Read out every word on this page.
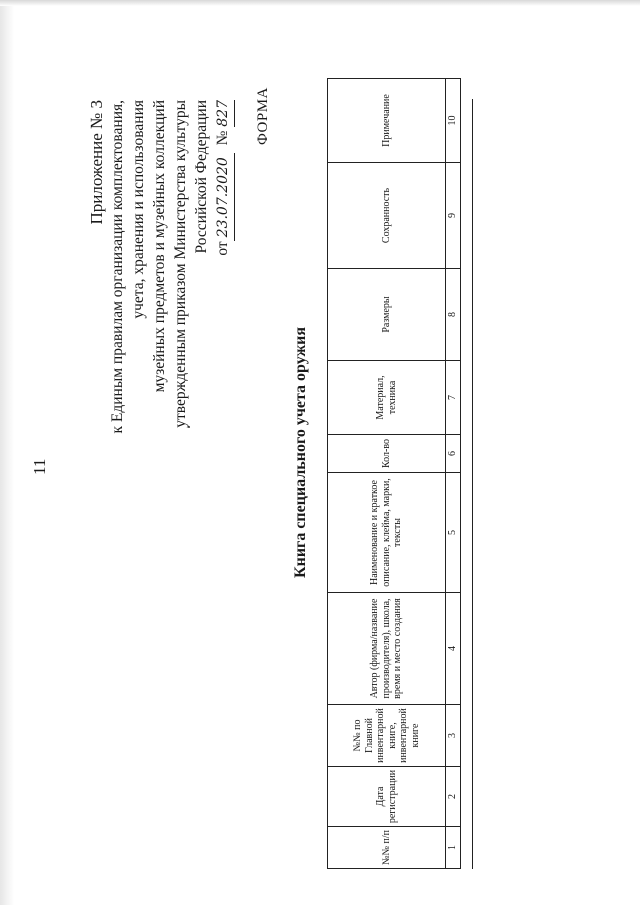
11
Приложение № 3 к Единым правилам организации комплектования, учета, хранения и использования музейных предметов и музейных коллекций утвержденным приказом Министерства культуры Российской Федерации от23.07.2020  № 827 ФОРМА
Книга специального учета оружия
№№ п/п	Дата регистрации	№№ по Главной инвентарной книге, инвентарной книге	Автор (фирма/название производителя), школа, время и место создания	Наименование и краткое описание, клейма, марки, тексты	Кол-во	Материал, техника	Размеры	Сохранность	Примечание
1	2	3	4	5	6	7	8	9	10
